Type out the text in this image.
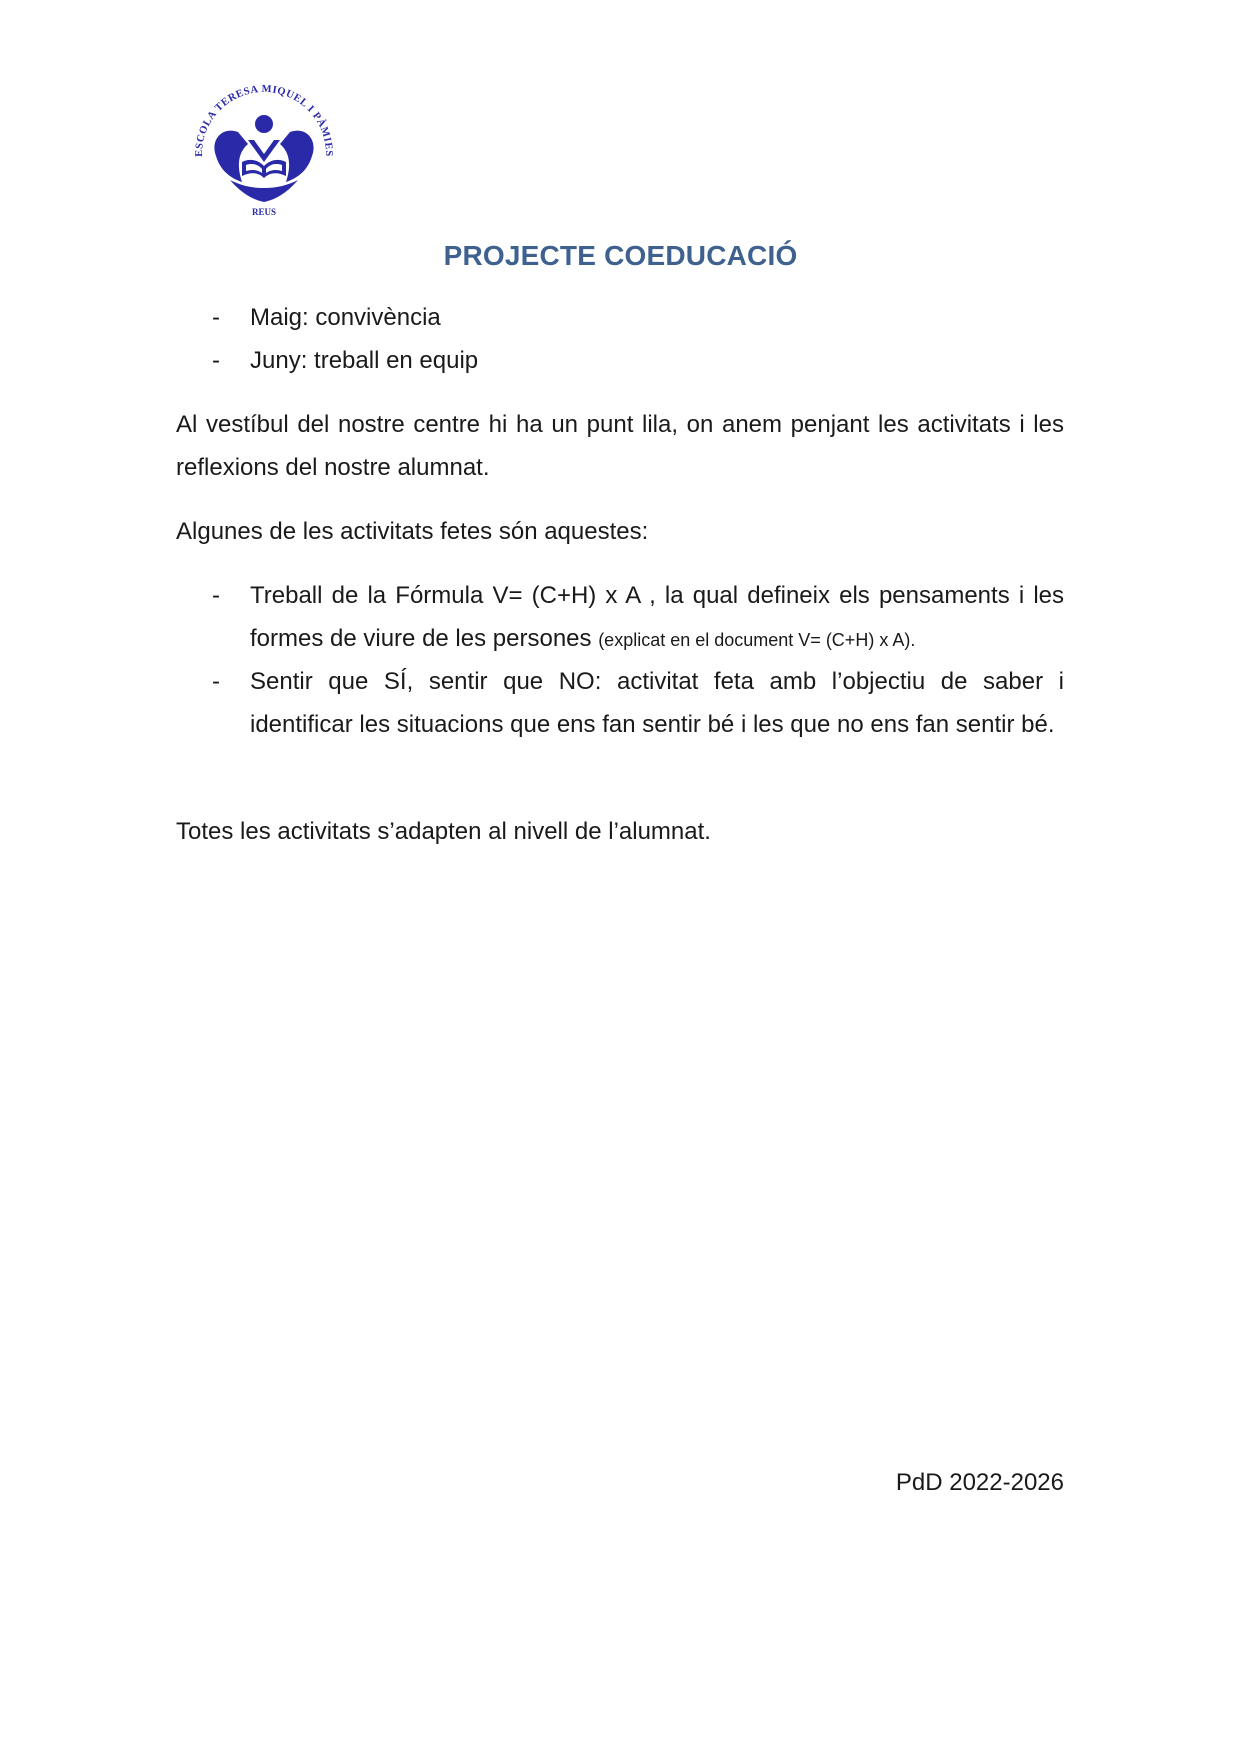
ESCOLA TERESA MIQUEL I PÀMIES
REUS
PROJECTE COEDUCACIÓ
- Maig: convivència
- Juny: treball en equip
Al vestíbul del nostre centre hi ha un punt lila, on anem penjant les activitats i les reflexions del nostre alumnat.
Algunes de les activitats fetes són aquestes:
- Treball de la Fórmula V= (C+H) x A , la qual defineix els pensaments i les formes de viure de les persones (explicat en el document V= (C+H) x A).
- Sentir que SÍ, sentir que NO: activitat feta amb l’objectiu de saber i identificar les situacions que ens fan sentir bé i les que no ens fan sentir bé.
Totes les activitats s’adapten al nivell de l’alumnat.
PdD 2022-2026
